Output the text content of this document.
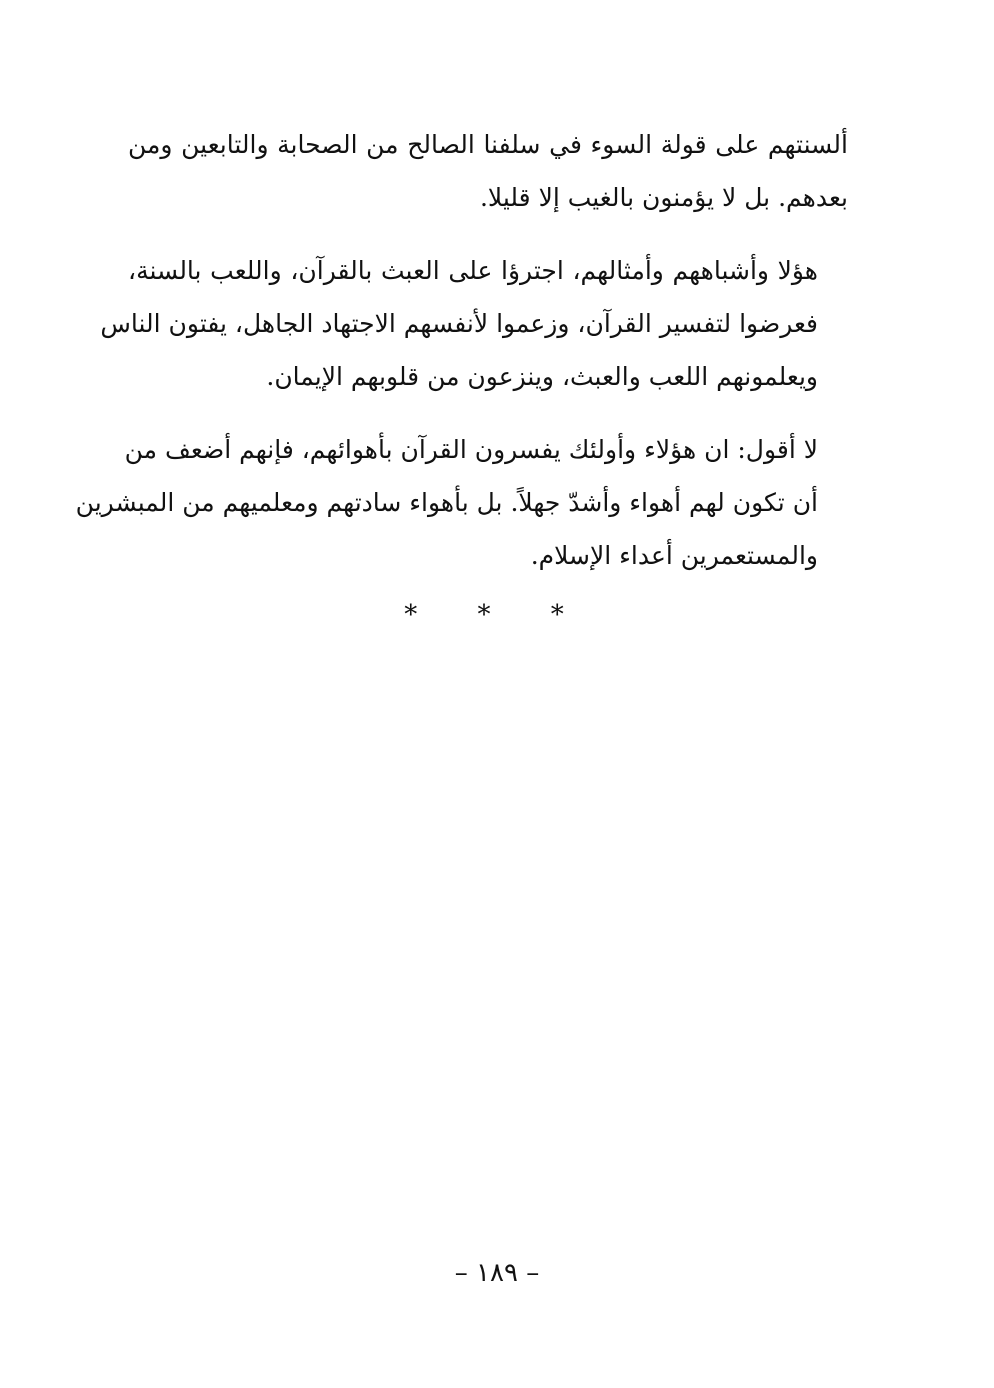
ألسنتهم على قولة السوء في سلفنا الصالح من الصحابة والتابعين ومن
بعدهم. بل لا يؤمنون بالغيب إلا قليلا.

هؤلا وأشباههم وأمثالهم، اجترؤا على العبث بالقرآن، واللعب بالسنة،
فعرضوا لتفسير القرآن، وزعموا لأنفسهم الاجتهاد الجاهل، يفتون الناس
ويعلمونهم اللعب والعبث، وينزعون من قلوبهم الإيمان.

لا أقول: ان هؤلاء وأولئك يفسرون القرآن بأهوائهم، فإنهم أضعف من
أن تكون لهم أهواء وأشدّ جهلاً. بل بأهواء سادتهم ومعلميهم من المبشرين
والمستعمرين أعداء الإسلام.

* * *
– ١٨٩ –
